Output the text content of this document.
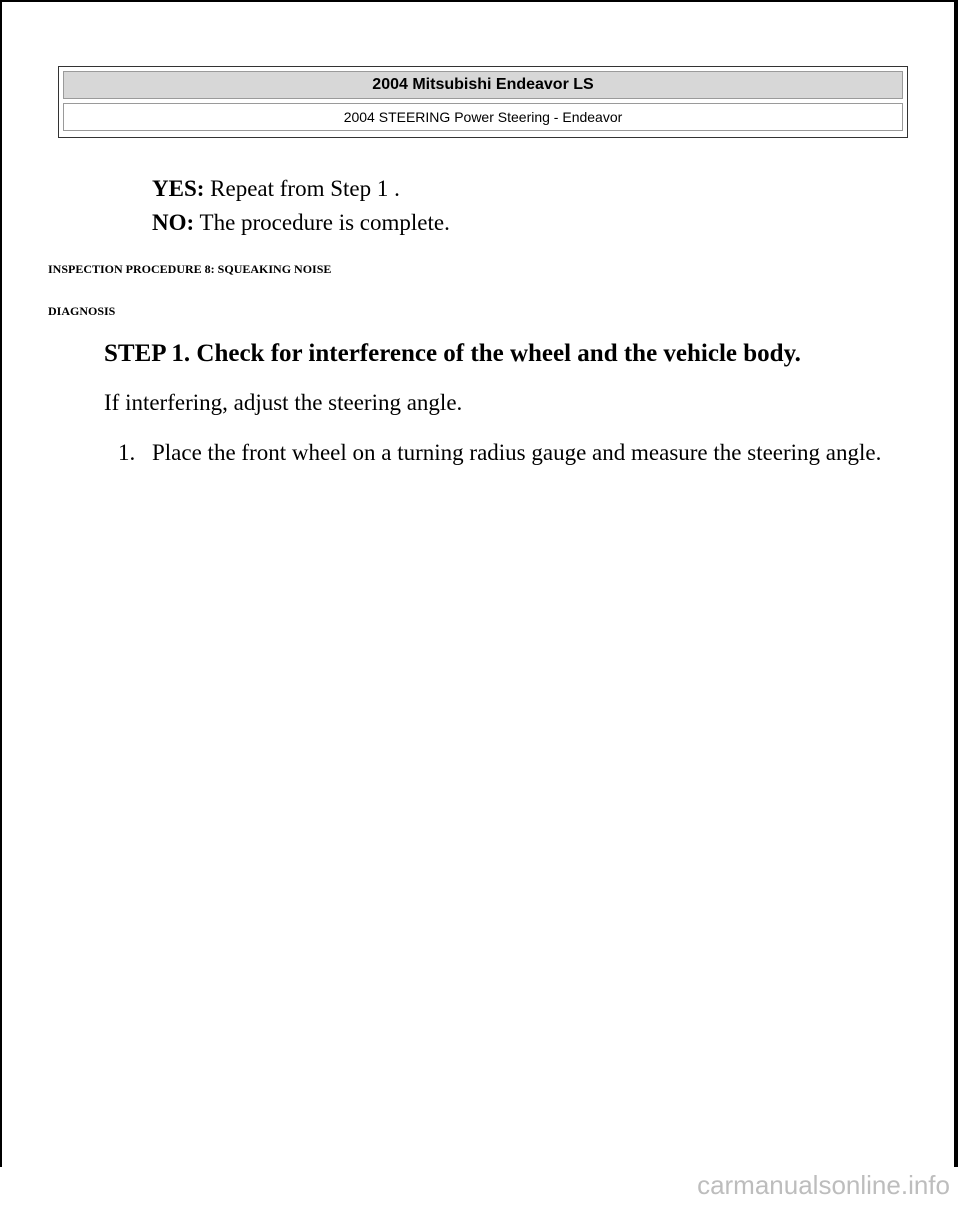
2004 Mitsubishi Endeavor LS
2004 STEERING Power Steering - Endeavor
YES: Repeat from Step 1 .
NO: The procedure is complete.
INSPECTION PROCEDURE 8: SQUEAKING NOISE
DIAGNOSIS
STEP 1. Check for interference of the wheel and the vehicle body.
If interfering, adjust the steering angle.
1. Place the front wheel on a turning radius gauge and measure the steering angle.
carmanualsonline.info
